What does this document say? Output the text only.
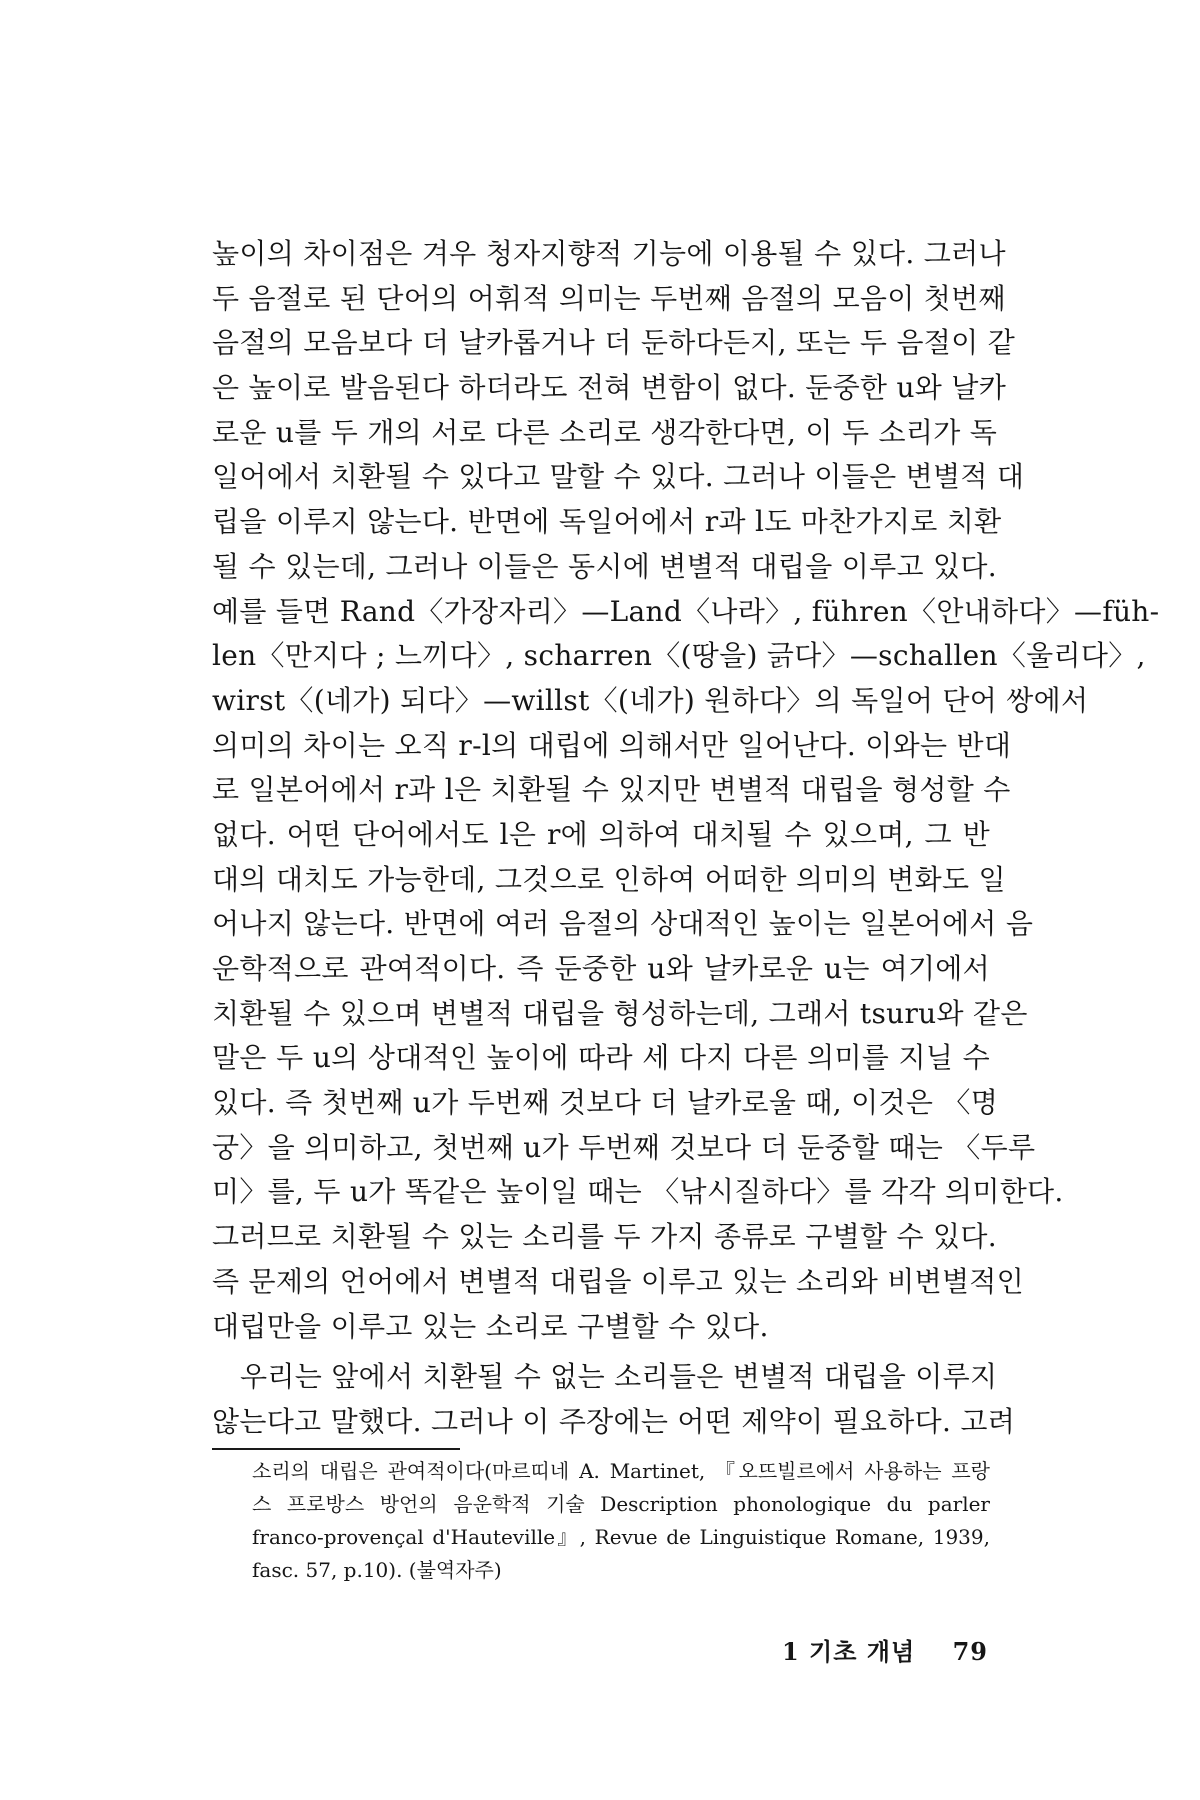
높이의 차이점은 겨우 청자지향적 기능에 이용될 수 있다. 그러나
두 음절로 된 단어의 어휘적 의미는 두번째 음절의 모음이 첫번째
음절의 모음보다 더 날카롭거나 더 둔하다든지, 또는 두 음절이 같
은 높이로 발음된다 하더라도 전혀 변함이 없다. 둔중한 u와 날카
로운 u를 두 개의 서로 다른 소리로 생각한다면, 이 두 소리가 독
일어에서 치환될 수 있다고 말할 수 있다. 그러나 이들은 변별적 대
립을 이루지 않는다. 반면에 독일어에서 r과 l도 마찬가지로 치환
될 수 있는데, 그러나 이들은 동시에 변별적 대립을 이루고 있다.
예를 들면 Rand〈가장자리〉—Land〈나라〉, führen〈안내하다〉—füh-
len〈만지다 ; 느끼다〉, scharren〈(땅을) 긁다〉—schallen〈울리다〉,
wirst〈(네가) 되다〉—willst〈(네가) 원하다〉의 독일어 단어 쌍에서
의미의 차이는 오직 r-l의 대립에 의해서만 일어난다. 이와는 반대
로 일본어에서 r과 l은 치환될 수 있지만 변별적 대립을 형성할 수
없다. 어떤 단어에서도 l은 r에 의하여 대치될 수 있으며, 그 반
대의 대치도 가능한데, 그것으로 인하여 어떠한 의미의 변화도 일
어나지 않는다. 반면에 여러 음절의 상대적인 높이는 일본어에서 음
운학적으로 관여적이다. 즉 둔중한 u와 날카로운 u는 여기에서
치환될 수 있으며 변별적 대립을 형성하는데, 그래서 tsuru와 같은
말은 두 u의 상대적인 높이에 따라 세 다지 다른 의미를 지닐 수
있다. 즉 첫번째 u가 두번째 것보다 더 날카로울 때, 이것은 〈명
궁〉을 의미하고, 첫번째 u가 두번째 것보다 더 둔중할 때는 〈두루
미〉를, 두 u가 똑같은 높이일 때는 〈낚시질하다〉를 각각 의미한다.
그러므로 치환될 수 있는 소리를 두 가지 종류로 구별할 수 있다.
즉 문제의 언어에서 변별적 대립을 이루고 있는 소리와 비변별적인
대립만을 이루고 있는 소리로 구별할 수 있다.
우리는 앞에서 치환될 수 없는 소리들은 변별적 대립을 이루지
않는다고 말했다. 그러나 이 주장에는 어떤 제약이 필요하다. 고려
소리의 대립은 관여적이다(마르띠네 A. Martinet, 『오뜨빌르에서 사용하는 프랑
스 프로방스 방언의 음운학적 기술 Description phonologique du parler
franco-provençal d'Hauteville』, Revue de Linguistique Romane, 1939,
fasc. 57, p.10). (불역자주)
1 기초 개념 79
